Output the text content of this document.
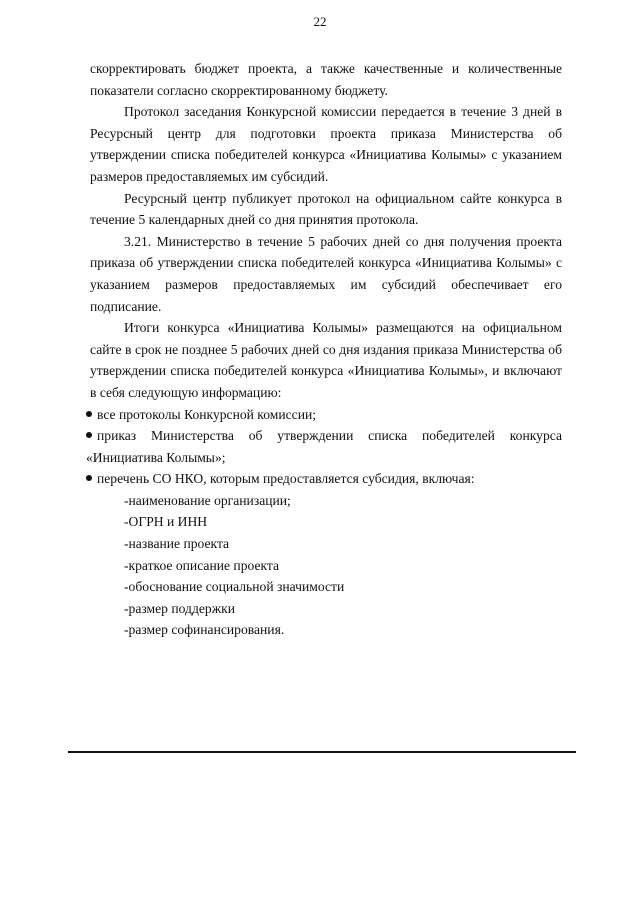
22

скорректировать бюджет проекта, а также качественные и количественные показатели согласно скорректированному бюджету.

Протокол заседания Конкурсной комиссии передается в течение 3 дней в Ресурсный центр для подготовки проекта приказа Министерства об утверждении списка победителей конкурса «Инициатива Колымы» с указанием размеров предоставляемых им субсидий.

Ресурсный центр публикует протокол на официальном сайте конкурса в течение 5 календарных дней со дня принятия протокола.

3.21. Министерство в течение 5 рабочих дней со дня получения проекта приказа об утверждении списка победителей конкурса «Инициатива Колымы» с указанием размеров предоставляемых им субсидий обеспечивает его подписание.

Итоги конкурса «Инициатива Колымы» размещаются на официальном сайте в срок не позднее 5 рабочих дней со дня издания приказа Министерства об утверждении списка победителей конкурса «Инициатива Колымы», и включают в себя следующую информацию:

все протоколы Конкурсной комиссии;

приказ Министерства об утверждении списка победителей конкурса «Инициатива Колымы»;

перечень СО НКО, которым предоставляется субсидия, включая:

-наименование организации;
-ОГРН и ИНН
-название проекта
-краткое описание проекта
-обоснование социальной значимости
-размер поддержки
-размер софинансирования.
